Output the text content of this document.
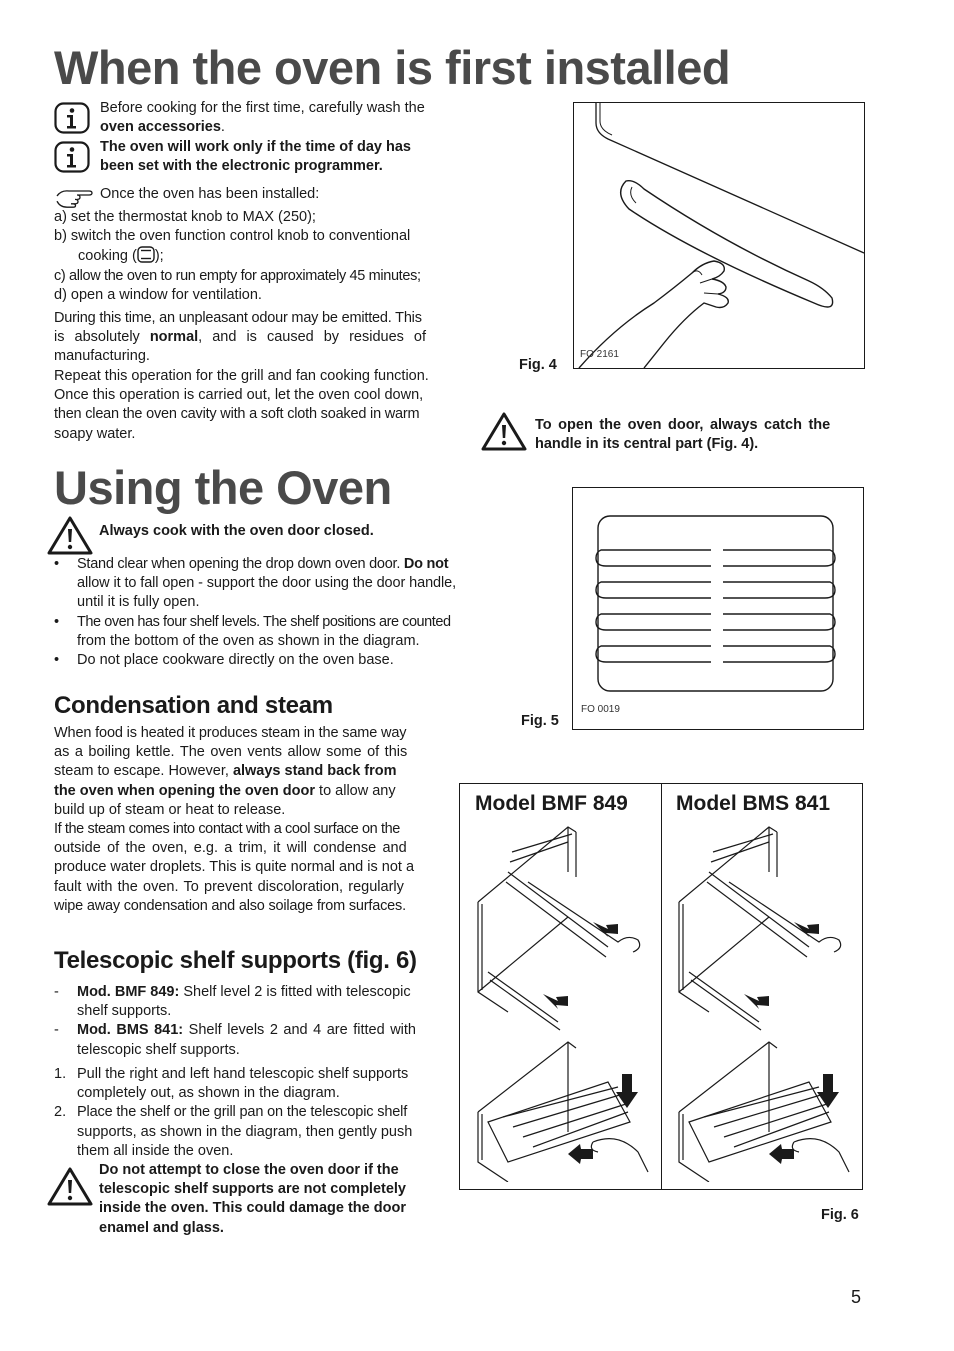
When the oven is first installed
Before cooking for the first time, carefully wash the
oven accessories.
The oven will work only if the time of day has
been set with the electronic programmer.
Once the oven has been installed:
a) set the thermostat knob to MAX (250);
b) switch the oven function control knob to conventional
cooking ( );
c) allow the oven to run empty for approximately 45 minutes;
d) open a window for ventilation.
During this time, an unpleasant odour may be emitted. This
is absolutely normal, and is caused by residues of
manufacturing.
Repeat this operation for the grill and fan cooking function.
Once this operation is carried out, let the oven cool down,
then clean the oven cavity with a soft cloth soaked in warm
soapy water.
FO 2161
Fig. 4
To open the oven door, always catch the
handle in its central part (Fig. 4).
Using the Oven
Always cook with the oven door closed.
• Stand clear when opening the drop down oven door. Do not
allow it to fall open - support the door using the door handle,
until it is fully open.
• The oven has four shelf levels. The shelf positions are counted
from the bottom of the oven as shown in the diagram.
• Do not place cookware directly on the oven base.
FO 0019
Fig. 5
Condensation and steam
When food is heated it produces steam in the same way
as a boiling kettle. The oven vents allow some of this
steam to escape. However, always stand back from
the oven when opening the oven door to allow any
build up of steam or heat to release.
If the steam comes into contact with a cool surface on the
outside of the oven, e.g. a trim, it will condense and
produce water droplets. This is quite normal and is not a
fault with the oven. To prevent discoloration, regularly
wipe away condensation and also soilage from surfaces.
Telescopic shelf supports (fig. 6)
- Mod. BMF 849: Shelf level 2 is fitted with telescopic
shelf supports.
- Mod. BMS 841: Shelf levels 2 and 4 are fitted with
telescopic shelf supports.
1. Pull the right and left hand telescopic shelf supports
completely out, as shown in the diagram.
2. Place the shelf or the grill pan on the telescopic shelf
supports, as shown in the diagram, then gently push
them all inside the oven.
Do not attempt to close the oven door if the
telescopic shelf supports are not completely
inside the oven. This could damage the door
enamel and glass.
Model BMF 849 Model BMS 841
Fig. 6
5
